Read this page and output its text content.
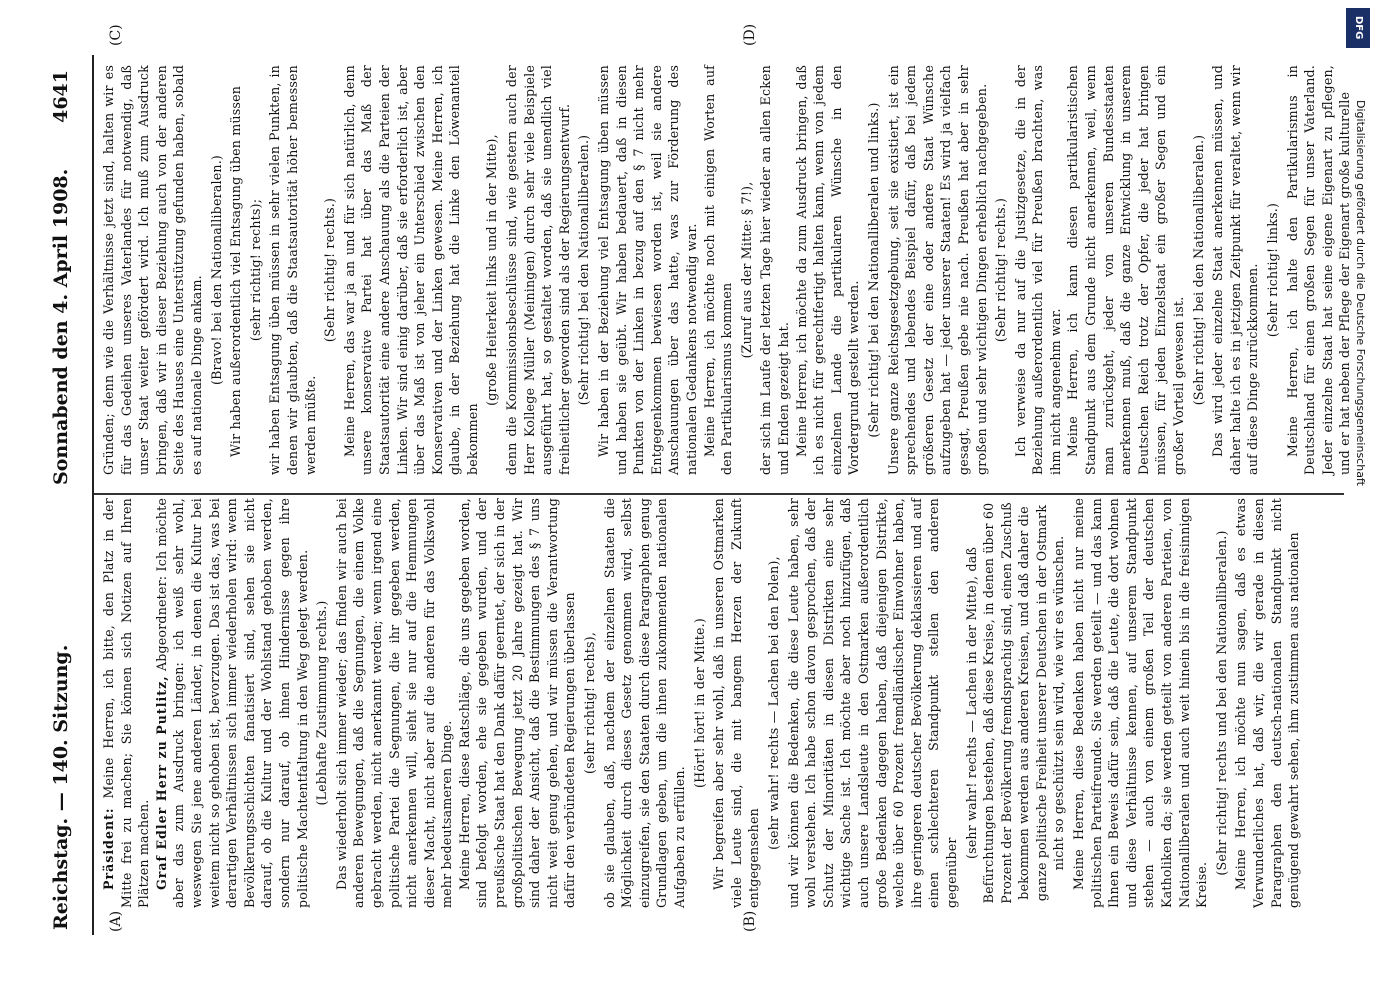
Reichstag. — 140. Sitzung.
Sonnabend den 4. April 1908.
4641
(A)	(B)
(C)	(D)

Präsident: Meine Herren, ich bitte, den Platz in der Mitte frei zu machen; Sie können sich Notizen auf Ihren Plätzen machen. Graf Edler Herr zu Putlitz, Abgeordneter: Ich möchte aber das zum Ausdruck bringen: ich weiß sehr wohl, weswegen Sie jene anderen Länder, in denen die Kultur bei weitem nicht so gehoben ist, bevorzugen. Das ist das, was bei derartigen Verhältnissen sich immer wiederholen wird: wenn Bevölkerungsschichten fanatisiert sind, sehen sie nicht darauf, ob die Kultur und der Wohlstand gehoben werden, sondern nur darauf, ob ihnen Hindernisse gegen ihre politische Machtentfaltung in den Weg gelegt werden. (Lebhafte Zustimmung rechts.) Das wiederholt sich immer wieder; das finden wir auch bei anderen Bewegungen, daß die Segnungen, die einem Volke gebracht werden, nicht anerkannt werden; wenn irgend eine politische Partei die Segnungen, die ihr gegeben werden, nicht anerkennen will, sieht sie nur auf die Hemmungen dieser Macht, nicht aber auf die anderen für das Volkswohl mehr bedeutsameren Dinge. Meine Herren, diese Ratschläge, die uns gegeben worden, sind befolgt worden, ehe sie gegeben wurden, und der preußische Staat hat den Dank dafür geerntet, der sich in der großpolitischen Bewegung jetzt 20 Jahre gezeigt hat. Wir sind daher der Ansicht, daß die Bestimmungen des § 7 uns nicht weit genug gehen, und wir müssen die Verantwortung dafür den verbündeten Regierungen überlassen (sehr richtig! rechts), ob sie glauben, daß, nachdem der einzelnen Staaten die Möglichkeit durch dieses Gesetz genommen wird, selbst einzugreifen, sie den Staaten durch diese Paragraphen genug Grundlagen geben, um die ihnen zukommenden nationalen Aufgaben zu erfüllen.

(Hört! hört! in der Mitte.) Wir begreifen aber sehr wohl, daß in unseren Ostmarken viele Leute sind, die mit bangem Herzen der Zukunft entgegensehen

(sehr wahr! rechts — Lachen bei den Polen), und wir können die Bedenken, die diese Leute haben, sehr wohl verstehen. Ich habe schon davon gesprochen, daß der Schutz der Minoritäten in diesen Distrikten eine sehr wichtige Sache ist. Ich möchte aber noch hinzufügen, daß auch unsere Landsleute in den Ostmarken außerordentlich große Bedenken dagegen haben, daß diejenigen Distrikte, welche über 60 Prozent fremdländischer Einwohner haben, ihre geringeren deutscher Bevölkerung deklassieren und auf einen schlechteren Standpunkt stellen den anderen gegenüber

(sehr wahr! rechts — Lachen in der Mitte), daß Befürchtungen bestehen, daß diese Kreise, in denen über 60 Prozent der Bevölkerung fremdsprachig sind, einen Zuschuß bekommen werden aus anderen Kreisen, und daß daher die ganze politische Freiheit unserer Deutschen in der Ostmark nicht so geschützt sein wird, wie wir es wünschen. Meine Herren, diese Bedenken haben nicht nur meine politischen Parteifreunde. Sie werden geteilt — und das kann Ihnen ein Beweis dafür sein, daß die Leute, die dort wohnen und diese Verhältnisse kennen, auf unserem Standpunkt stehen — auch von einem großen Teil der deutschen Katholiken da; sie werden geteilt von anderen Parteien, von Nationalliberalen und auch weit hinein bis in die freisinnigen Kreise.

(Sehr richtig! rechts und bei den Nationalliberalen.) Meine Herren, ich möchte nun sagen, daß es etwas Verwunderliches hat, daß wir, die wir gerade in diesen Paragraphen den deutsch-nationalen Standpunkt nicht genügend gewahrt sehen, ihm zustimmen aus nationalen

Gründen; denn wie die Verhältnisse jetzt sind, halten wir es für das Gedeihen unseres Vaterlandes für notwendig, daß unser Staat weiter gefördert wird. Ich muß zum Ausdruck bringen, daß wir in dieser Beziehung auch von der anderen Seite des Hauses eine Unterstützung gefunden haben, sobald es auf nationale Dinge ankam. (Bravo! bei den Nationalliberalen.) Wir haben außerordentlich viel Entsagung üben müssen (sehr richtig! rechts); wir haben Entsagung üben müssen in sehr vielen Punkten, in denen wir glaubten, daß die Staatsautorität höher bemessen werden müßte.

(Sehr richtig! rechts.) Meine Herren, das war ja an und für sich natürlich, denn unsere konservative Partei hat über das Maß der Staatsautorität eine andere Anschauung als die Parteien der Linken. Wir sind einig darüber, daß sie erforderlich ist, aber über das Maß ist von jeher ein Unterschied zwischen den Konservativen und der Linken gewesen. Meine Herren, ich glaube, in der Beziehung hat die Linke den Löwenanteil bekommen

(große Heiterkeit links und in der Mitte), denn die Kommissionsbeschlüsse sind, wie gestern auch der Herr Kollege Müller (Meiningen) durch sehr viele Beispiele ausgeführt hat, so gestaltet worden, daß sie unendlich viel freiheitlicher geworden sind als der Regierungsentwurf. (Sehr richtig! bei den Nationalliberalen.) Wir haben in der Beziehung viel Entsagung üben müssen und haben sie geübt. Wir haben bedauert, daß in diesen Punkten von der Linken in bezug auf den § 7 nicht mehr Entgegenkommen bewiesen worden ist, weil sie andere Anschauungen über das hatte, was zur Förderung des nationalen Gedankens notwendig war. Meine Herren, ich möchte noch mit einigen Worten auf den Partikularismus kommen

(Zuruf aus der Mitte: § 7!), der sich im Laufe der letzten Tage hier wieder an allen Ecken und Enden gezeigt hat. Meine Herren, ich möchte da zum Ausdruck bringen, daß ich es nicht für gerechtfertigt halten kann, wenn von jedem einzelnen Lande die partikularen Wünsche in den Vordergrund gestellt werden. (Sehr richtig! bei den Nationalliberalen und links.) Unsere ganze Reichsgesetzgebung, seit sie existiert, ist ein sprechendes und lebendes Beispiel dafür, daß bei jedem größeren Gesetz der eine oder andere Staat Wünsche aufzugeben hat — jeder unserer Staaten! Es wird ja vielfach gesagt, Preußen gebe nie nach. Preußen hat aber in sehr großen und sehr wichtigen Dingen erheblich nachgegeben. (Sehr richtig! rechts.) Ich verweise da nur auf die Justizgesetze, die in der Beziehung außerordentlich viel für Preußen brachten, was ihm nicht angenehm war. Meine Herren, ich kann diesen partikularistischen Standpunkt aus dem Grunde nicht anerkennen, weil, wenn man zurückgeht, jeder von unseren Bundesstaaten anerkennen muß, daß die ganze Entwicklung in unserem Deutschen Reich trotz der Opfer, die jeder hat bringen müssen, für jeden Einzelstaat ein großer Segen und ein großer Vorteil gewesen ist. (Sehr richtig! bei den Nationalliberalen.) Das wird jeder einzelne Staat anerkennen müssen, und daher halte ich es in jetzigen Zeitpunkt für veraltet, wenn wir auf diese Dinge zurückkommen. (Sehr richtig! links.) Meine Herren, ich halte den Partikularismus in Deutschland für einen großen Segen für unser Vaterland. Jeder einzelne Staat hat seine eigene Eigenart zu pflegen, und er hat neben der Pflege der Eigenart große kulturelle

DFG
Digitalisierung gefördert durch die Deutsche Forschungsgemeinschaft
